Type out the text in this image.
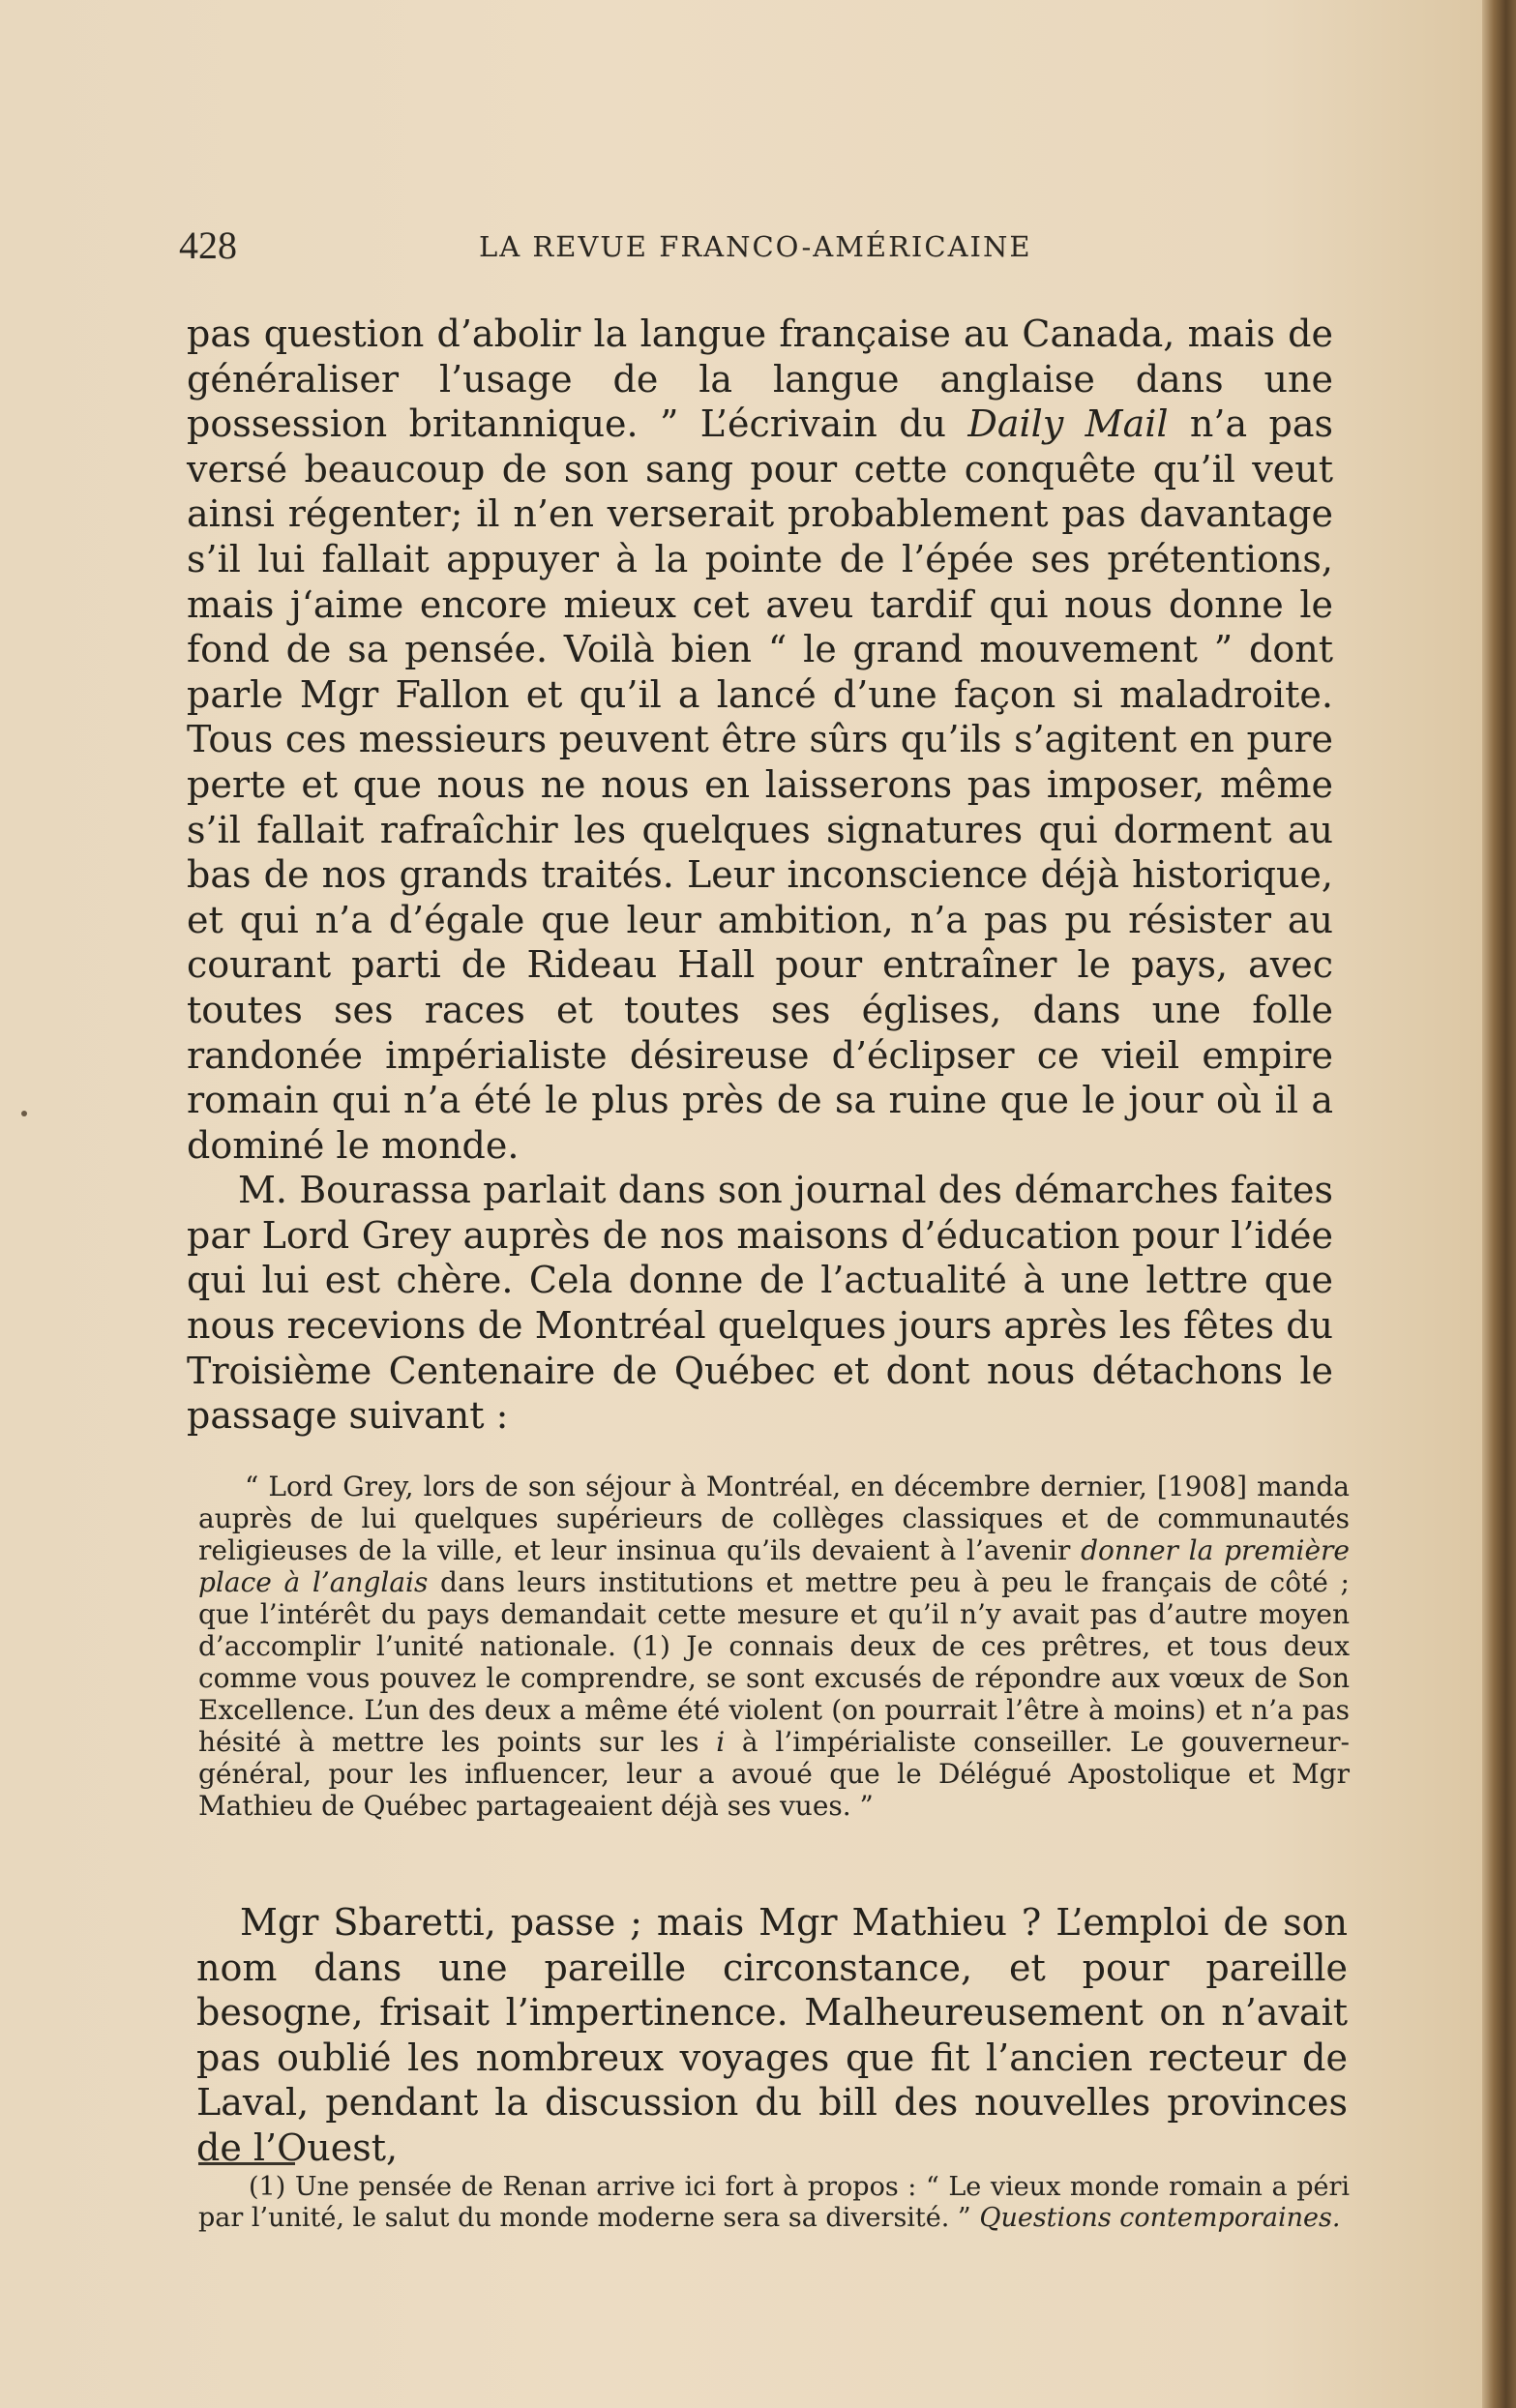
428	LA REVUE FRANCO-AMÉRICAINE

pas question d’abolir la langue française au Canada, mais de généraliser l’usage de la langue anglaise dans une possession britannique. ” L’écrivain du Daily Mail n’a pas versé beaucoup de son sang pour cette conquête qu’il veut ainsi régenter; il n’en verserait probablement pas davantage s’il lui fallait appuyer à la pointe de l’épée ses prétentions, mais j‘aime encore mieux cet aveu tardif qui nous donne le fond de sa pensée. Voilà bien “ le grand mouvement ” dont parle Mgr Fallon et qu’il a lancé d’une façon si maladroite. Tous ces messieurs peuvent être sûrs qu’ils s’agitent en pure perte et que nous ne nous en laisserons pas imposer, même s’il fallait rafraîchir les quelques signatures qui dorment au bas de nos grands traités. Leur inconscience déjà historique, et qui n’a d’égale que leur ambition, n’a pas pu résister au courant parti de Rideau Hall pour entraîner le pays, avec toutes ses races et toutes ses églises, dans une folle randonée impérialiste désireuse d’éclipser ce vieil empire romain qui n’a été le plus près de sa ruine que le jour où il a dominé le monde.

M. Bourassa parlait dans son journal des démarches faites par Lord Grey auprès de nos maisons d’éducation pour l’idée qui lui est chère. Cela donne de l’actualité à une lettre que nous recevions de Montréal quelques jours après les fêtes du Troisième Centenaire de Québec et dont nous détachons le passage suivant :

“ Lord Grey, lors de son séjour à Montréal, en décembre dernier, [1908] manda auprès de lui quelques supérieurs de collèges classiques et de communautés religieuses de la ville, et leur insinua qu’ils devaient à l’avenir donner la première place à l’anglais dans leurs institutions et mettre peu à peu le français de côté ; que l’intérêt du pays demandait cette mesure et qu’il n’y avait pas d’autre moyen d’accomplir l’unité nationale. (1) Je connais deux de ces prêtres, et tous deux comme vous pouvez le comprendre, se sont excusés de répondre aux vœux de Son Excellence. L’un des deux a même été violent (on pourrait l’être à moins) et n’a pas hésité à mettre les points sur les i à l’impérialiste conseiller. Le gouverneur-général, pour les influencer, leur a avoué que le Délégué Apostolique et Mgr Mathieu de Québec partageaient déjà ses vues. ”

Mgr Sbaretti, passe ; mais Mgr Mathieu ? L’emploi de son nom dans une pareille circonstance, et pour pareille besogne, frisait l’impertinence. Malheureusement on n’avait pas oublié les nombreux voyages que fit l’ancien recteur de Laval, pendant la discussion du bill des nouvelles provinces de l’Ouest,

(1) Une pensée de Renan arrive ici fort à propos : “ Le vieux monde romain a péri par l’unité, le salut du monde moderne sera sa diversité. ” Questions contemporaines.
